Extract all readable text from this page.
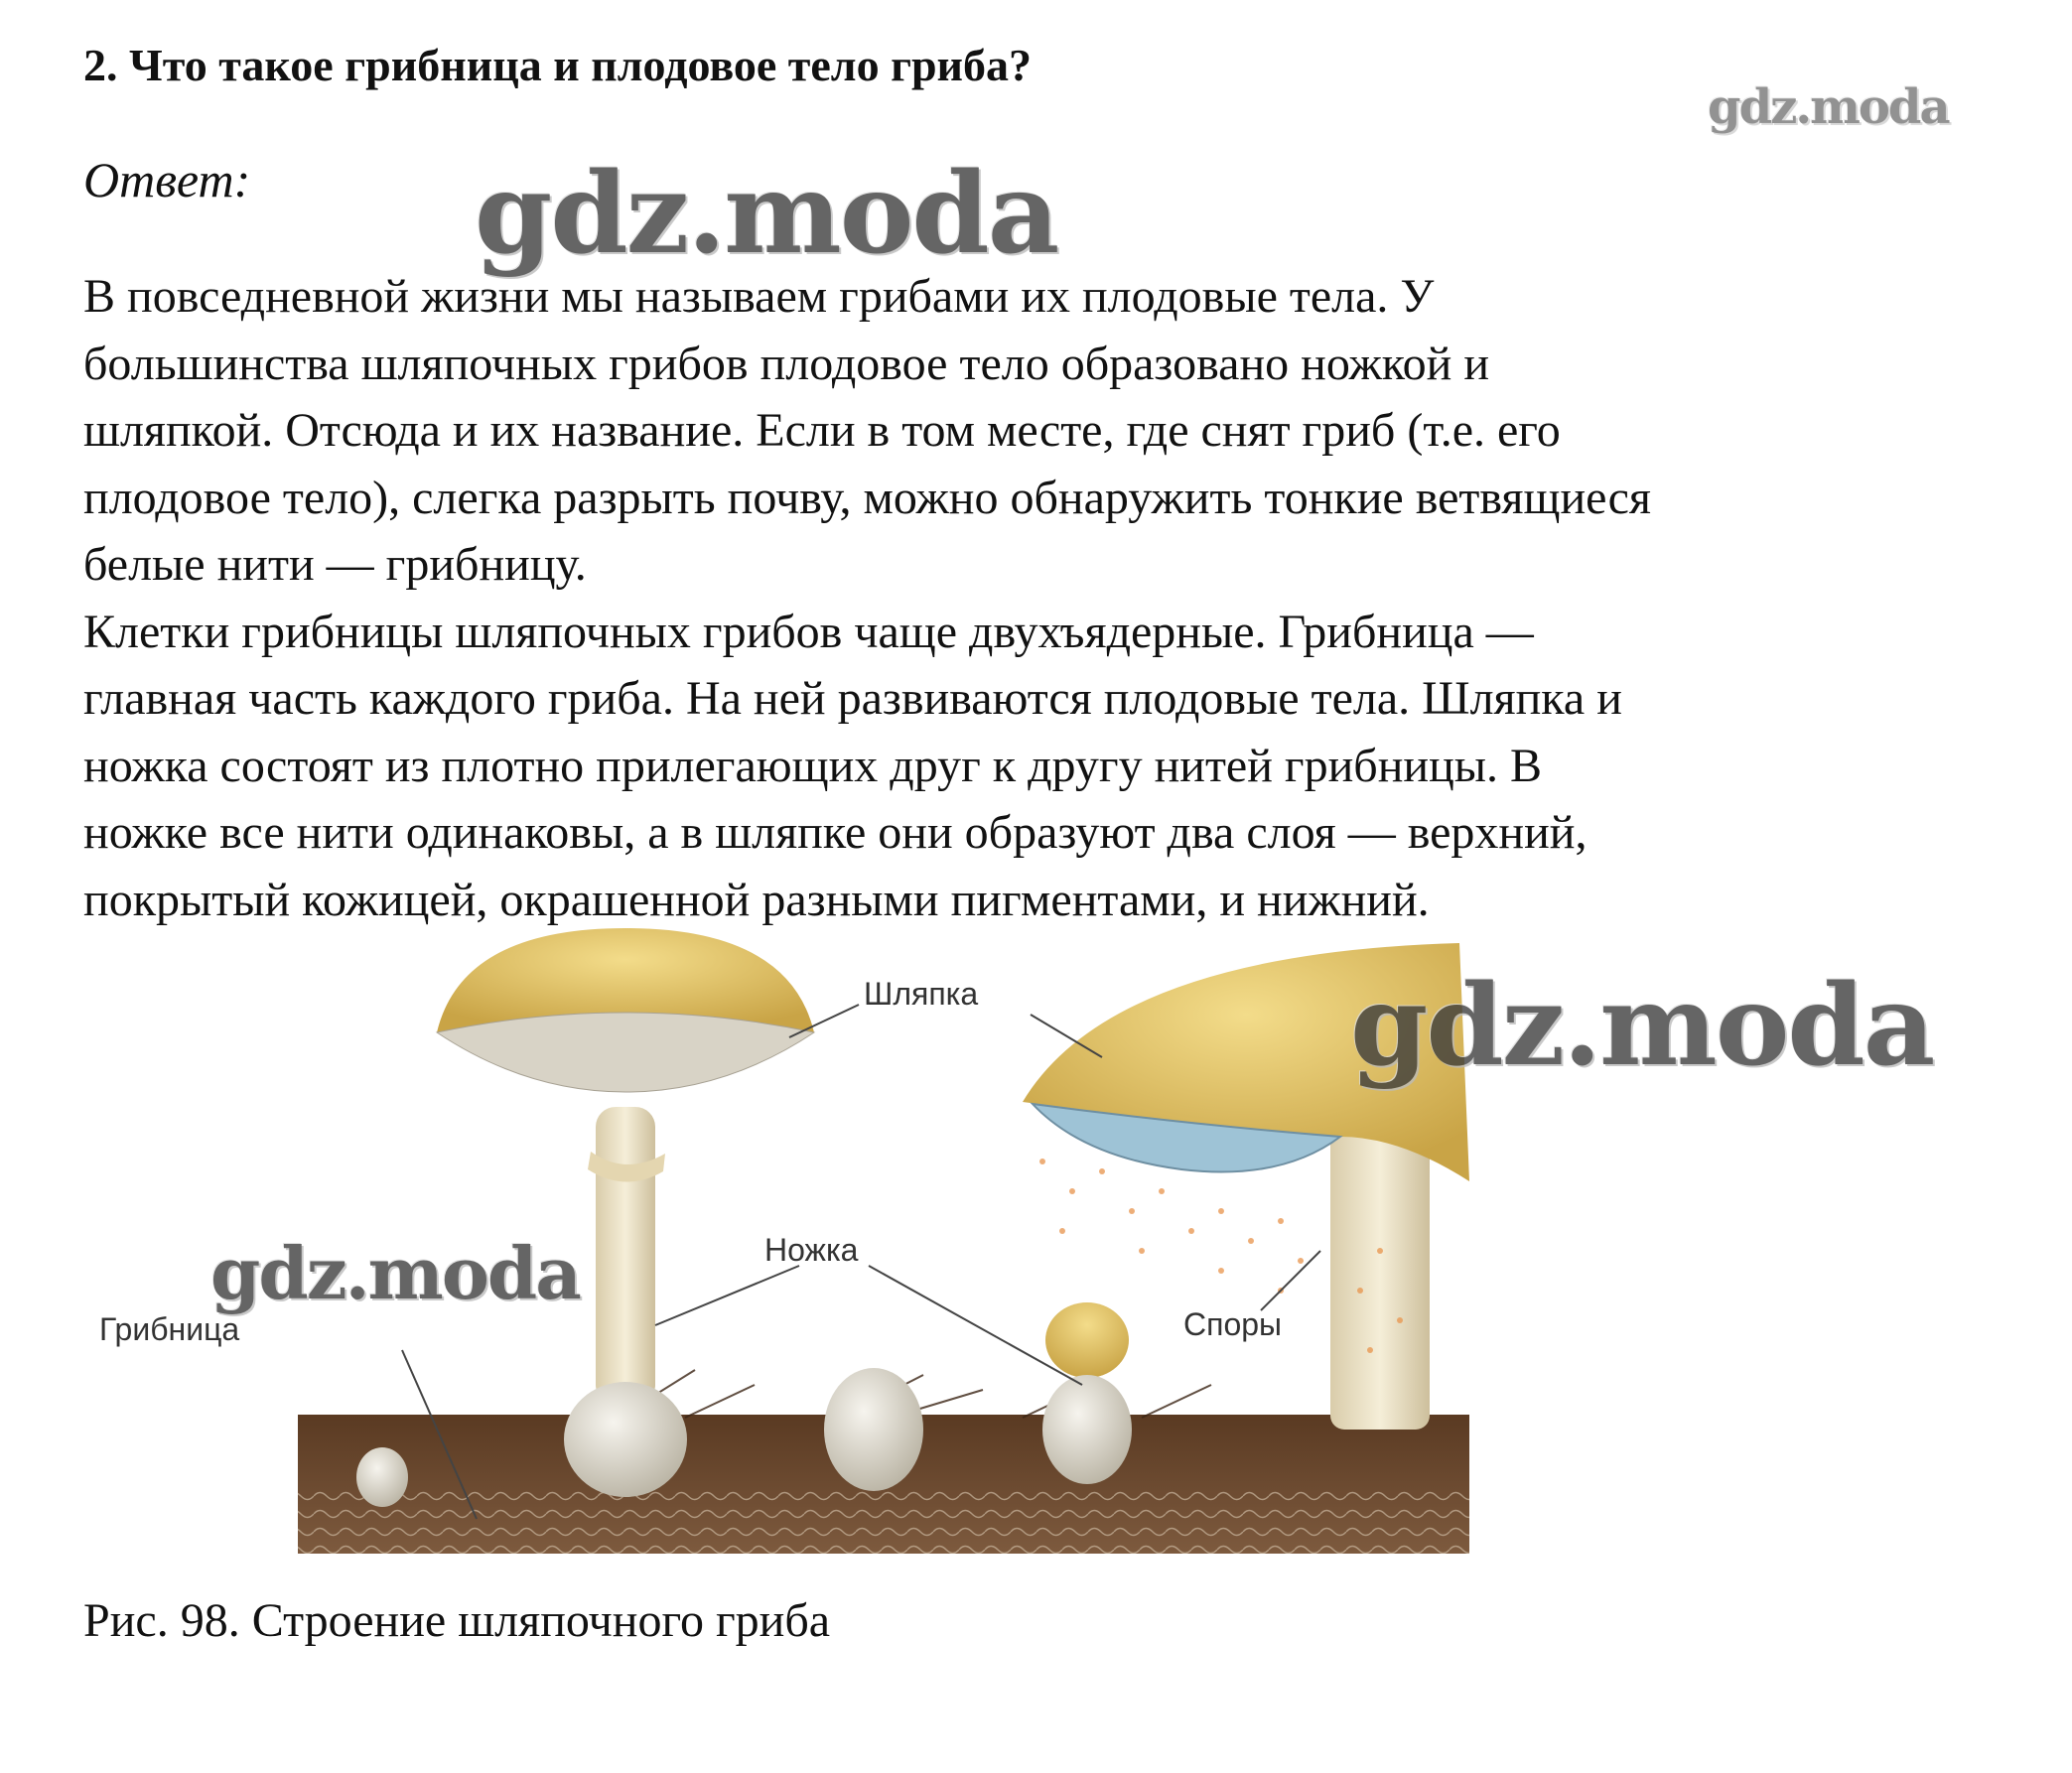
2. Что такое грибница и плодовое тело гриба?
Ответ:

В повседневной жизни мы называем грибами их плодовые тела. У

большинства шляпочных грибов плодовое тело образовано ножкой и

шляпкой. Отсюда и их название. Если в том месте, где снят гриб (т.е. его

плодовое тело), слегка разрыть почву, можно обнаружить тонкие ветвящиеся

белые нити — грибницу.

Клетки грибницы шляпочных грибов чаще двухъядерные. Грибница —

главная часть каждого гриба. На ней развиваются плодовые тела. Шляпка и

ножка состоят из плотно прилегающих друг к другу нитей грибницы. В

ножке все нити одинаковы, а в шляпке они образуют два слоя — верхний,

покрытый кожицей, окрашенной разными пигментами, и нижний.

Шляпка
Ножка
Грибница	Споры
Рис. 98. Строение шляпочного гриба
gdz.moda
gdz.moda
gdz.moda
gdz.moda
